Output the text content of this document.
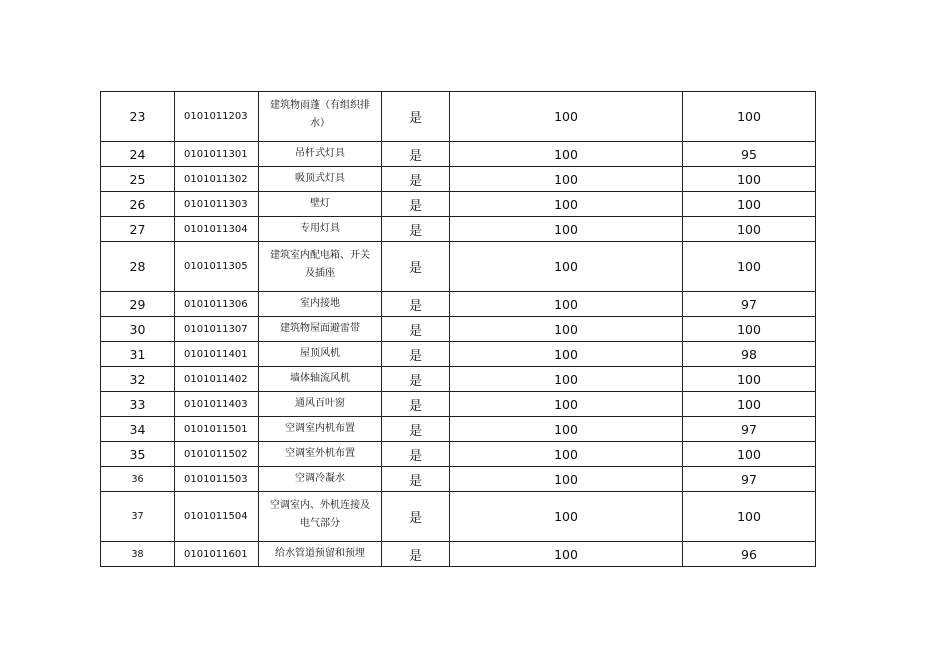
23	0101011203	建筑物雨蓬（有组织排
水）	是	100	100
24	0101011301	吊杆式灯具	是	100	95
25	0101011302	吸顶式灯具	是	100	100
26	0101011303	壁灯	是	100	100
27	0101011304	专用灯具	是	100	100
28	0101011305	建筑室内配电箱、开关
及插座	是	100	100
29	0101011306	室内接地	是	100	97
30	0101011307	建筑物屋面避雷带	是	100	100
31	0101011401	屋顶风机	是	100	98
32	0101011402	墙体轴流风机	是	100	100
33	0101011403	通风百叶窗	是	100	100
34	0101011501	空调室内机布置	是	100	97
35	0101011502	空调室外机布置	是	100	100
36	0101011503	空调冷凝水	是	100	97
37	0101011504	空调室内、外机连接及
电气部分	是	100	100
38	0101011601	给水管道预留和预埋	是	100	96
